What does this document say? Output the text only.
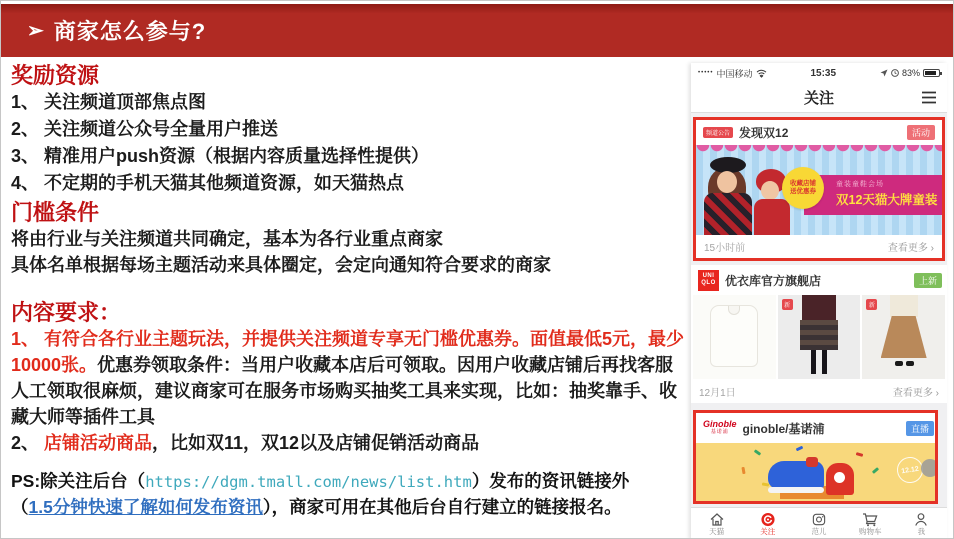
➢ 商家怎么参与?
奖励资源
1、 关注频道顶部焦点图
2、 关注频道公众号全量用户推送
3、 精准用户push资源（根据内容质量选择性提供）
4、 不定期的手机天猫其他频道资源，如天猫热点
门槛条件
将由行业与关注频道共同确定，基本为各行业重点商家
具体名单根据每场主题活动来具体圈定，会定向通知符合要求的商家
内容要求：
1、 有符合各行业主题玩法，并提供关注频道专享无门槛优惠券。面值最低5元，最少10000张。优惠券领取条件：当用户收藏本店后可领取。因用户收藏店铺后再找客服人工领取很麻烦，建议商家可在服务市场购买抽奖工具来实现，比如：抽奖靠手、收藏大师等插件工具
2、 店铺活动商品，比如双11，双12以及店铺促销活动商品
PS:除关注后台（https://dgm.tmall.com/news/list.htm）发布的资讯链接外
（1.5分钟快速了解如何发布资讯），商家可用在其他后台自行建立的链接报名。
••••• 中国移动	15:35	83%
关注
频道公告 发现双12	活动
童装童鞋会场
双12天猫大牌童装
收藏店铺
送优惠券
15小时前	查看更多 ›
UNI
QLO 优衣库官方旗舰店	上新
新	新
12月1日	查看更多 ›
Ginoble
基诺浦 ginoble/基诺浦	直播
12.12
天猫	关注	范儿	购物车	我
